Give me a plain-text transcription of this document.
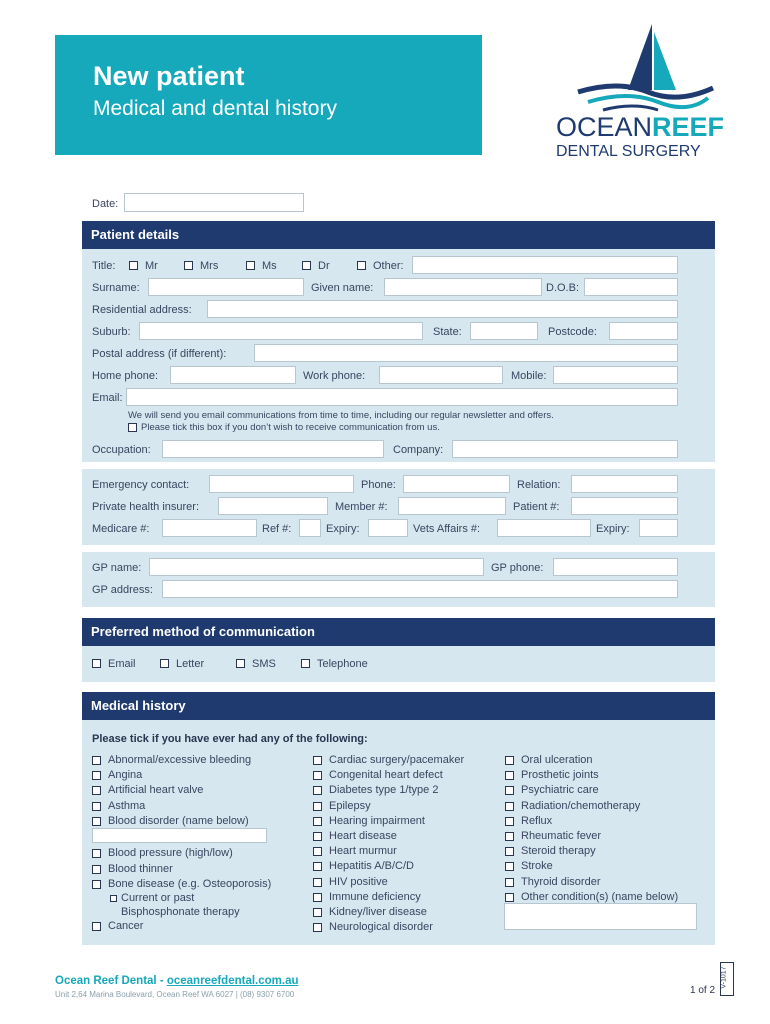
New patient
Medical and dental history
OCEANREEF
DENTAL SURGERY
Date:
Patient details
Title:	Mr	Mrs	Ms	Dr	Other:
Surname:	Given name:	D.O.B:
Residential address:
Suburb:	State:	Postcode:
Postal address (if different):
Home phone:	Work phone:	Mobile:
Email:
We will send you email communications from time to time, including our regular newsletter and offers.
Please tick this box if you don’t wish to receive communication from us.
Occupation:	Company:
Emergency contact:	Phone:	Relation:
Private health insurer:	Member #:	Patient #:
Medicare #:	Ref #:	Expiry:	Vets Affairs #:	Expiry:
GP name:	GP phone:
GP address:
Preferred method of communication
Email	Letter	SMS	Telephone
Medical history
Please tick if you have ever had any of the following:
Abnormal/excessive bleeding
Angina
Artificial heart valve
Asthma
Blood disorder (name below)
Blood pressure (high/low)
Blood thinner
Bone disease (e.g. Osteoporosis)
Current or past
Bisphosphonate therapy
Cancer
Cardiac surgery/pacemaker
Congenital heart defect
Diabetes type 1/type 2
Epilepsy
Hearing impairment
Heart disease
Heart murmur
Hepatitis A/B/C/D
HIV positive
Immune deficiency
Kidney/liver disease
Neurological disorder
Oral ulceration
Prosthetic joints
Psychiatric care
Radiation/chemotherapy
Reflux
Rheumatic fever
Steroid therapy
Stroke
Thyroid disorder
Other condition(s) (name below)
Ocean Reef Dental - oceanreefdental.com.au
Unit 2,64 Marina Boulevard, Ocean Reef WA 6027 | (08) 9307 6700	1 of 2
V-1017
